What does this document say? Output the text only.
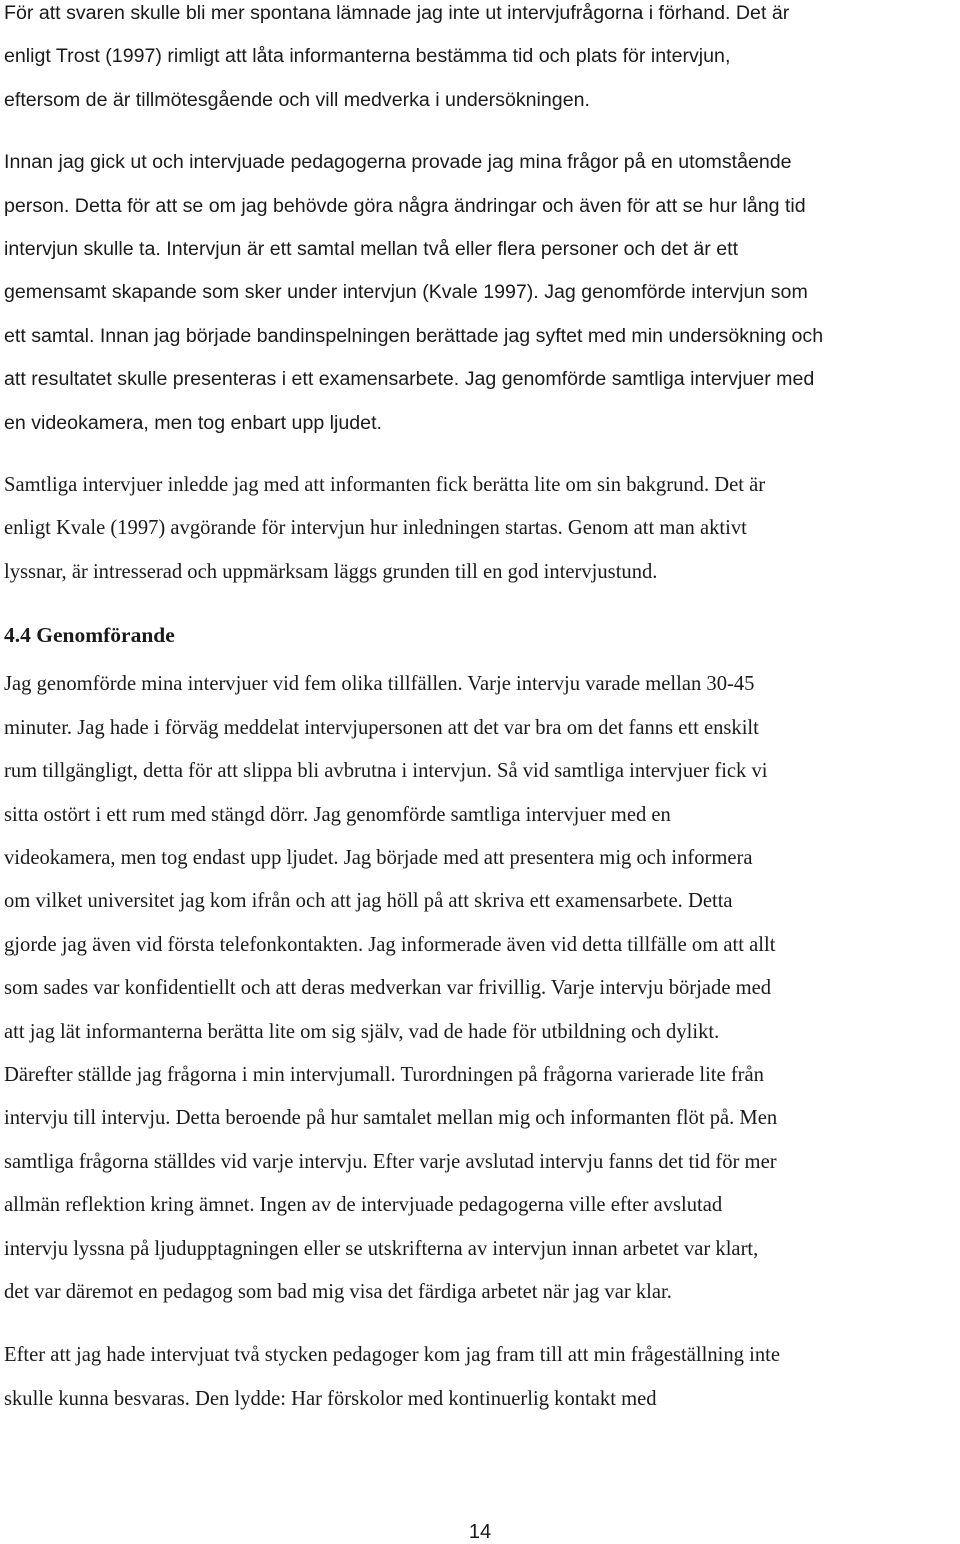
För att svaren skulle bli mer spontana lämnade jag inte ut intervjufrågorna i förhand. Det är
enligt Trost (1997) rimligt att låta informanterna bestämma tid och plats för intervjun,
eftersom de är tillmötesgående och vill medverka i undersökningen.

Innan jag gick ut och intervjuade pedagogerna provade jag mina frågor på en utomstående
person. Detta för att se om jag behövde göra några ändringar och även för att se hur lång tid
intervjun skulle ta. Intervjun är ett samtal mellan två eller flera personer och det är ett
gemensamt skapande som sker under intervjun (Kvale 1997). Jag genomförde intervjun som
ett samtal. Innan jag började bandinspelningen berättade jag syftet med min undersökning och
att resultatet skulle presenteras i ett examensarbete. Jag genomförde samtliga intervjuer med
en videokamera, men tog enbart upp ljudet.

Samtliga intervjuer inledde jag med att informanten fick berätta lite om sin bakgrund. Det är
enligt Kvale (1997) avgörande för intervjun hur inledningen startas. Genom att man aktivt
lyssnar, är intresserad och uppmärksam läggs grunden till en god intervjustund.

4.4 Genomförande

Jag genomförde mina intervjuer vid fem olika tillfällen. Varje intervju varade mellan 30-45
minuter. Jag hade i förväg meddelat intervjupersonen att det var bra om det fanns ett enskilt
rum tillgängligt, detta för att slippa bli avbrutna i intervjun. Så vid samtliga intervjuer fick vi
sitta ostört i ett rum med stängd dörr. Jag genomförde samtliga intervjuer med en
videokamera, men tog endast upp ljudet. Jag började med att presentera mig och informera
om vilket universitet jag kom ifrån och att jag höll på att skriva ett examensarbete. Detta
gjorde jag även vid första telefonkontakten. Jag informerade även vid detta tillfälle om att allt
som sades var konfidentiellt och att deras medverkan var frivillig. Varje intervju började med
att jag lät informanterna berätta lite om sig själv, vad de hade för utbildning och dylikt.
Därefter ställde jag frågorna i min intervjumall. Turordningen på frågorna varierade lite från
intervju till intervju. Detta beroende på hur samtalet mellan mig och informanten flöt på. Men
samtliga frågorna ställdes vid varje intervju. Efter varje avslutad intervju fanns det tid för mer
allmän reflektion kring ämnet. Ingen av de intervjuade pedagogerna ville efter avslutad
intervju lyssna på ljudupptagningen eller se utskrifterna av intervjun innan arbetet var klart,
det var däremot en pedagog som bad mig visa det färdiga arbetet när jag var klar.

Efter att jag hade intervjuat två stycken pedagoger kom jag fram till att min frågeställning inte
skulle kunna besvaras. Den lydde: Har förskolor med kontinuerlig kontakt med

14
